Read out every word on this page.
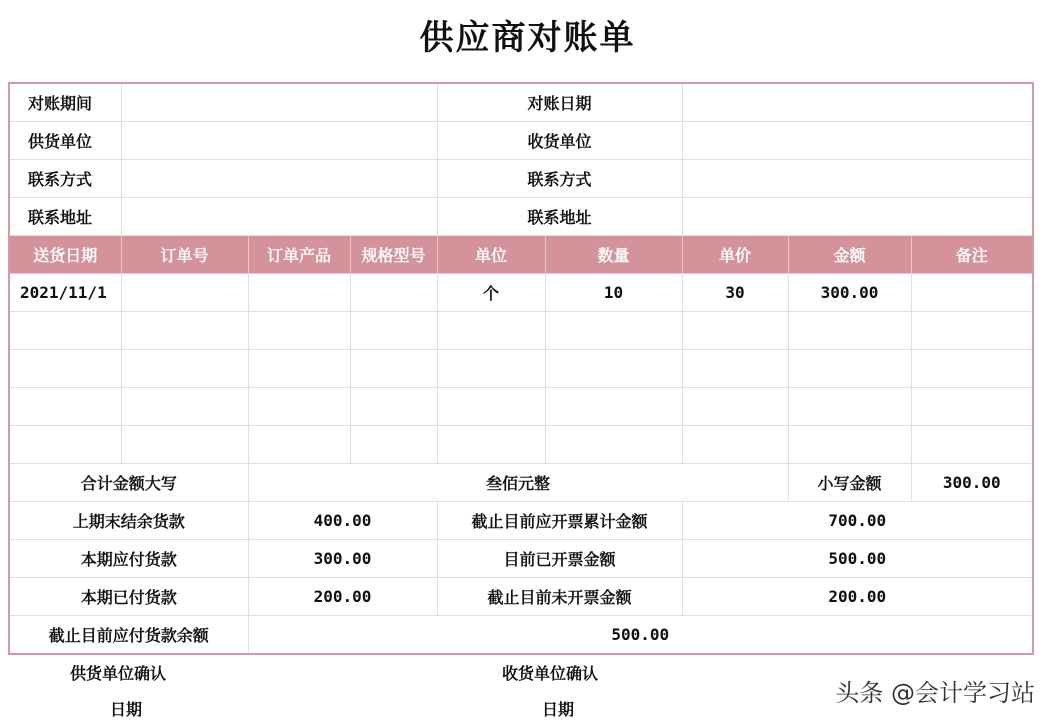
供应商对账单
对账期间				对账日期				
供货单位				收货单位				
联系方式				联系方式				
联系地址				联系地址				
送货日期	订单号	订单产品	规格型号	单位	数量	单价	金额	备注
2021/11/1				个	10	30	300.00	

合计金额大写		叁佰元整					小写金额	300.00
上期末结余货款		400.00		截止目前应开票累计金额		700.00		
本期应付货款		300.00		目前已开票金额		500.00		
本期已付货款		200.00		截止目前未开票金额		200.00		
截止目前应付货款余额		500.00						
供货单位确认	收货单位确认
日期	日期
头条 @会计学习站
